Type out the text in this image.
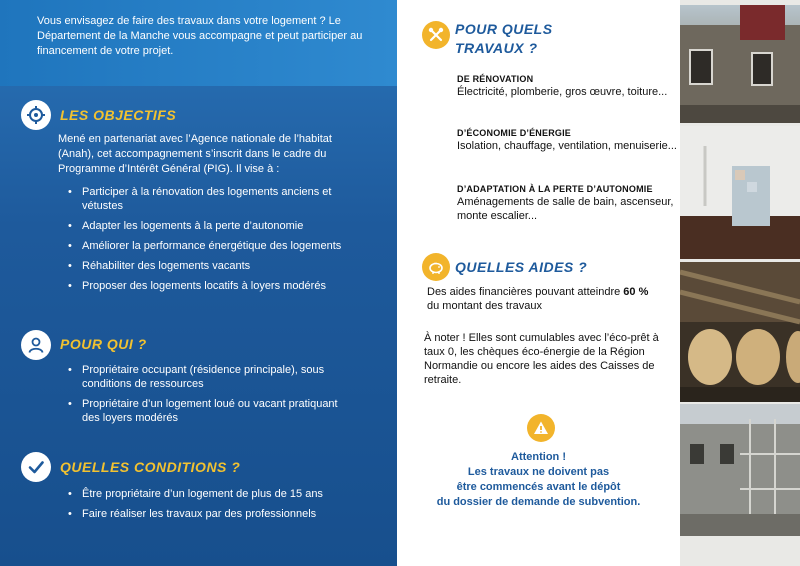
Vous envisagez de faire des travaux dans votre logement ? Le Département de la Manche vous accompagne et peut participer au financement de votre projet.
LES OBJECTIFS
Mené en partenariat avec l’Agence nationale de l’habitat (Anah), cet accompagnement s’inscrit dans le cadre du Programme d’Intérêt Général (PIG). Il vise à :
• Participer à la rénovation des logements anciens et vétustes
• Adapter les logements à la perte d’autonomie
• Améliorer la performance énergétique des logements
• Réhabiliter des logements vacants
• Proposer des logements locatifs à loyers modérés
POUR QUI ?
• Propriétaire occupant (résidence principale), sous conditions de ressources
• Propriétaire d’un logement loué ou vacant pratiquant des loyers modérés
QUELLES CONDITIONS ?
• Être propriétaire d’un logement de plus de 15 ans
• Faire réaliser les travaux par des professionnels
POUR QUELS
TRAVAUX ?
DE RÉNOVATION
Électricité, plomberie, gros œuvre, toiture...
D’ÉCONOMIE D’ÉNERGIE
Isolation, chauffage, ventilation, menuiserie...
D’ADAPTATION À LA PERTE D’AUTONOMIE
Aménagements de salle de bain, ascenseur, monte escalier...
QUELLES AIDES ?
Des aides financières pouvant atteindre 60 % du montant des travaux
À noter ! Elles sont cumulables avec l’éco-prêt à taux 0, les chèques éco-énergie de la Région Normandie ou encore les aides des Caisses de retraite.
Attention !
Les travaux ne doivent pas
être commencés avant le dépôt
du dossier de demande de subvention.
